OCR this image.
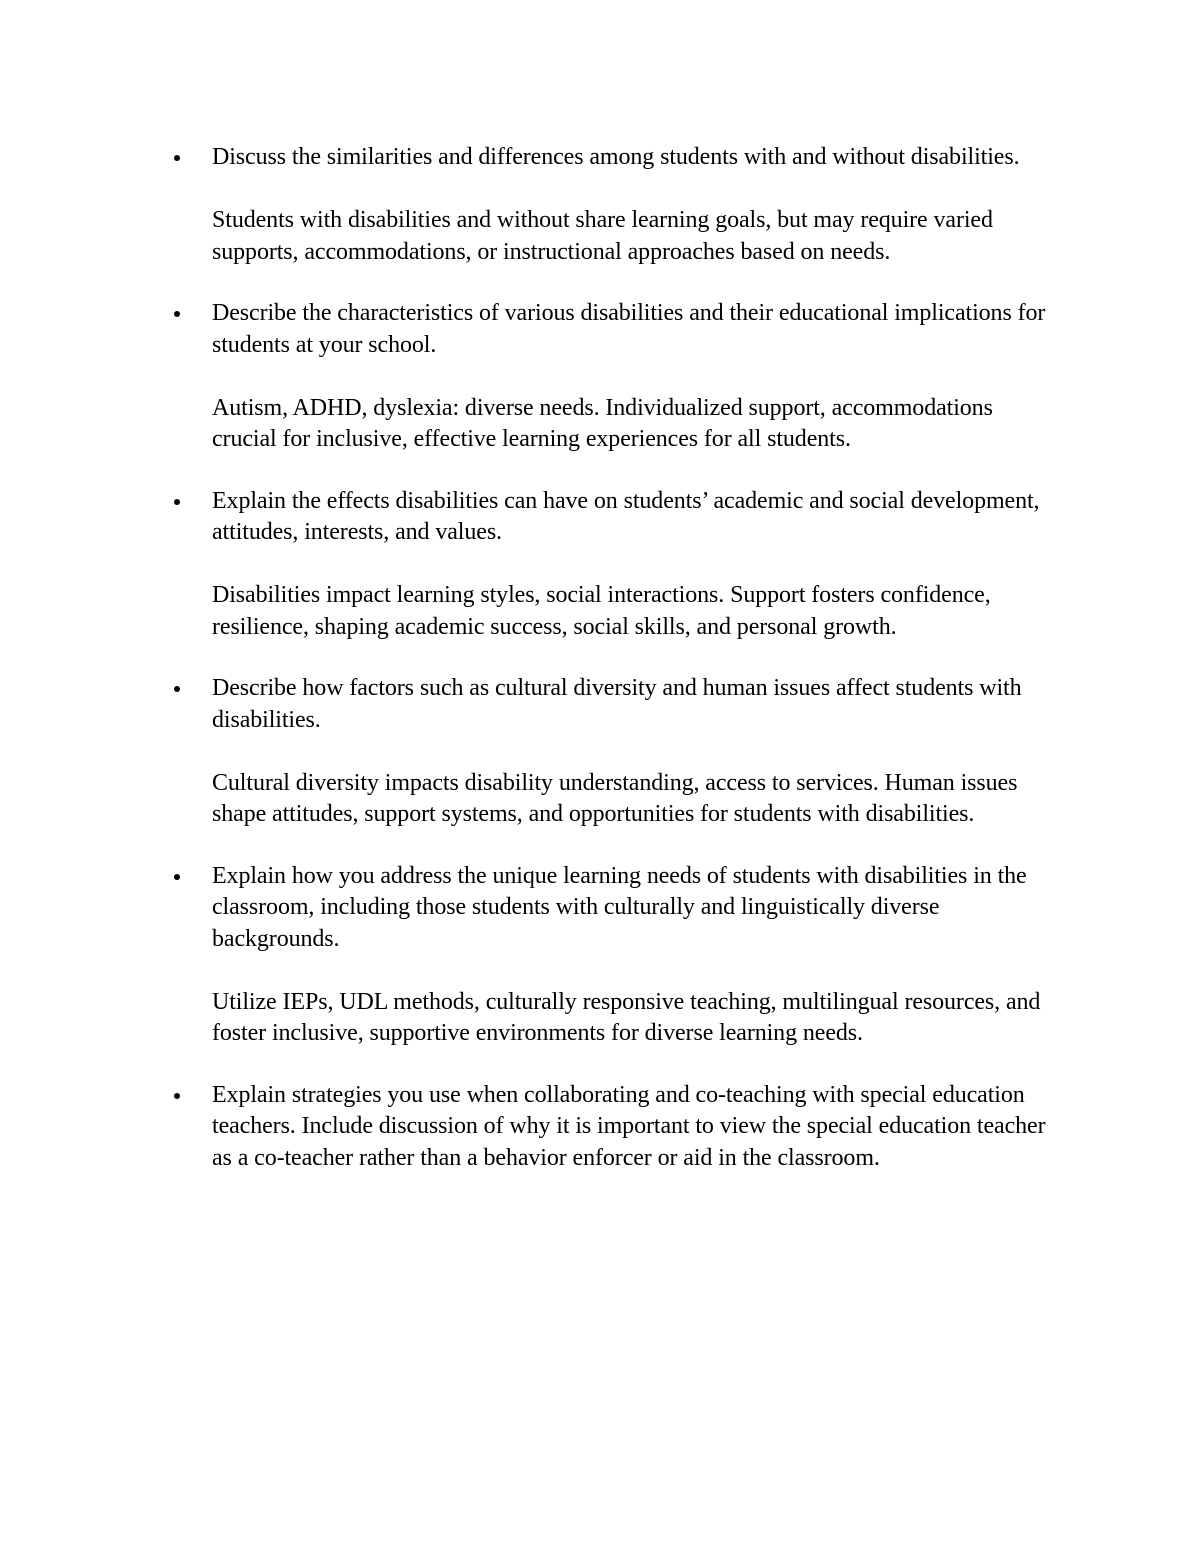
Discuss the similarities and differences among students with and without disabilities.

Students with disabilities and without share learning goals, but may require varied supports, accommodations, or instructional approaches based on needs.

Describe the characteristics of various disabilities and their educational implications for students at your school.

Autism, ADHD, dyslexia: diverse needs. Individualized support, accommodations crucial for inclusive, effective learning experiences for all students.

Explain the effects disabilities can have on students’ academic and social development, attitudes, interests, and values.

Disabilities impact learning styles, social interactions. Support fosters confidence, resilience, shaping academic success, social skills, and personal growth.

Describe how factors such as cultural diversity and human issues affect students with disabilities.

Cultural diversity impacts disability understanding, access to services. Human issues shape attitudes, support systems, and opportunities for students with disabilities.

Explain how you address the unique learning needs of students with disabilities in the classroom, including those students with culturally and linguistically diverse backgrounds.

Utilize IEPs, UDL methods, culturally responsive teaching, multilingual resources, and foster inclusive, supportive environments for diverse learning needs.

Explain strategies you use when collaborating and co-teaching with special education teachers. Include discussion of why it is important to view the special education teacher as a co-teacher rather than a behavior enforcer or aid in the classroom.
